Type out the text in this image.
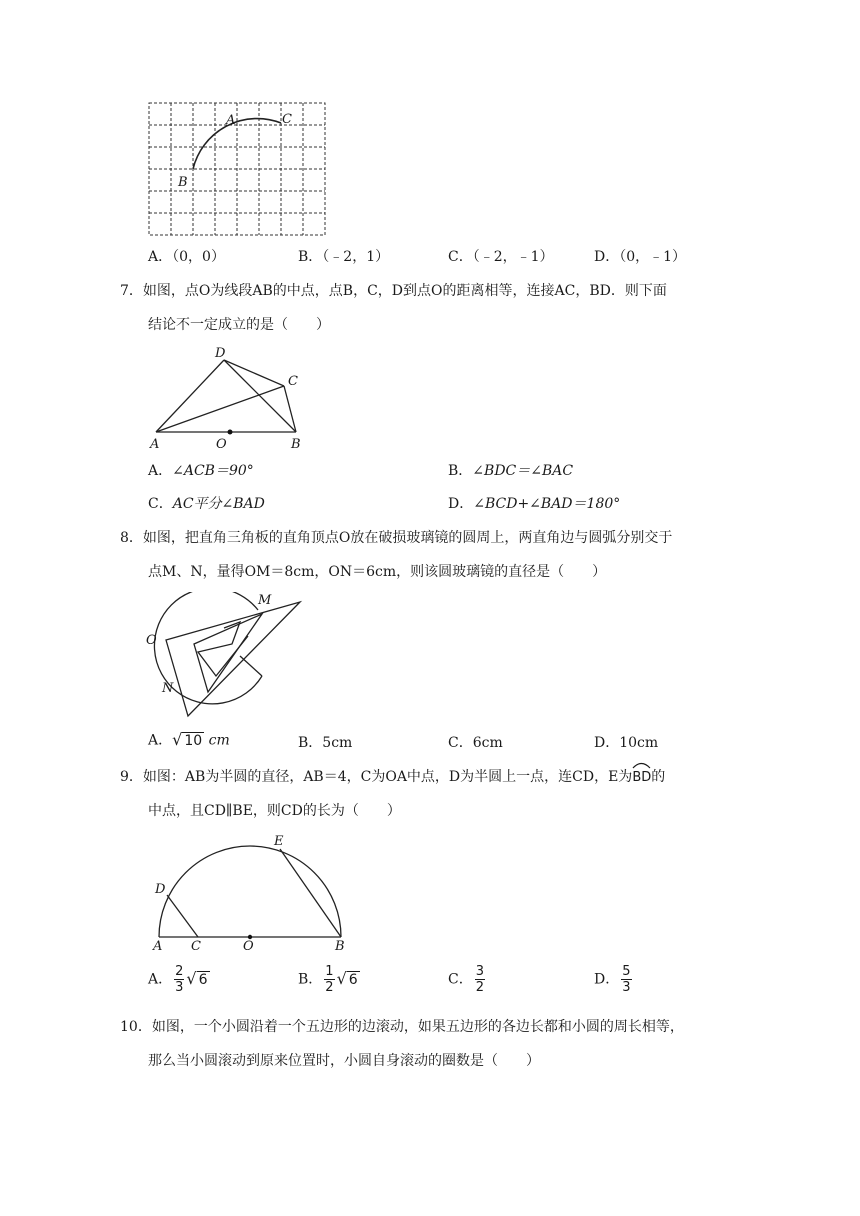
A	C
B
A．（0，0）	B．（﹣2，1）	C．（﹣2，﹣1）	D．（0，﹣1）
7．如图，点O为线段AB的中点，点B，C，D到点O的距离相等，连接AC，BD．则下面
结论不一定成立的是（　　）
D
C
A	O	B
A．∠ACB＝90°	B．∠BDC＝∠BAC
C．AC平分∠BAD	D．∠BCD+∠BAD＝180°
8．如图，把直角三角板的直角顶点O放在破损玻璃镜的圆周上，两直角边与圆弧分别交于
点M、N，量得OM＝8cm，ON＝6cm，则该圆玻璃镜的直径是（　　）
O
M
N
A．√ 10 cm	B．5cm	C．6cm	D．10cm
9．如图：AB为半圆的直径，AB＝4，C为OA中点，D为半圆上一点，连CD，E为
BD的
中点，且CD∥BE，则CD的长为（　　）
E
D
A C	O	B
A． $\frac{2}{3}$ √ 6	B． $\frac{1}{2}$ √ 6	C． $\frac{3}{2}$	D． $\frac{5}{3}$
10．如图，一个小圆沿着一个五边形的边滚动，如果五边形的各边长都和小圆的周长相等，
那么当小圆滚动到原来位置时，小圆自身滚动的圈数是（　　）
